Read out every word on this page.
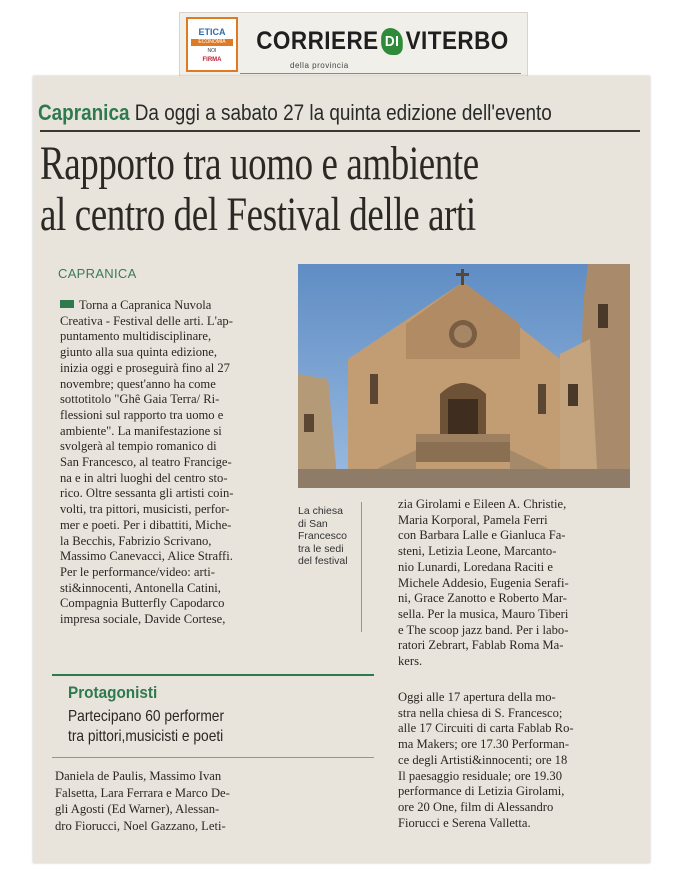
ETICA
ECONOMIA
NOI
FIRMA
CORRIERE DI VITERBO
della provincia
Capranica Da oggi a sabato 27 la quinta edizione dell'evento
Rapporto tra uomo e ambiente
al centro del Festival delle arti
CAPRANICA
Torna a Capranica Nuvola
Creativa - Festival delle arti. L'ap-
puntamento multidisciplinare,
giunto alla sua quinta edizione,
inizia oggi e proseguirà fino al 27
novembre; quest'anno ha come
sottotitolo "Ghê Gaia Terra/ Ri-
flessioni sul rapporto tra uomo e
ambiente". La manifestazione si
svolgerà al tempio romanico di
San Francesco, al teatro Francige-
na e in altri luoghi del centro sto-
rico. Oltre sessanta gli artisti coin-
volti, tra pittori, musicisti, perfor-
mer e poeti. Per i dibattiti, Miche-
la Becchis, Fabrizio Scrivano,
Massimo Canevacci, Alice Straffi.
Per le performance/video: arti-
sti&innocenti, Antonella Catini,
Compagnia Butterfly Capodarco
impresa sociale, Davide Cortese,
La chiesa
di San
Francesco
tra le sedi
del festival
zia Girolami e Eileen A. Christie,
Maria Korporal, Pamela Ferri
con Barbara Lalle e Gianluca Fa-
steni, Letizia Leone, Marcanto-
nio Lunardi, Loredana Raciti e
Michele Addesio, Eugenia Serafi-
ni, Grace Zanotto e Roberto Mar-
sella. Per la musica, Mauro Tiberi
e The scoop jazz band. Per i labo-
ratori Zebrart, Fablab Roma Ma-
kers.
Oggi alle 17 apertura della mo-
stra nella chiesa di S. Francesco;
alle 17 Circuiti di carta Fablab Ro-
ma Makers; ore 17.30 Performan-
ce degli Artisti&innocenti; ore 18
Il paesaggio residuale; ore 19.30
performance di Letizia Girolami,
ore 20 One, film di Alessandro
Fiorucci e Serena Valletta.
Protagonisti
Partecipano 60 performer
tra pittori,musicisti e poeti
Daniela de Paulis, Massimo Ivan
Falsetta, Lara Ferrara e Marco De-
gli Agosti (Ed Warner), Alessan-
dro Fiorucci, Noel Gazzano, Leti-
